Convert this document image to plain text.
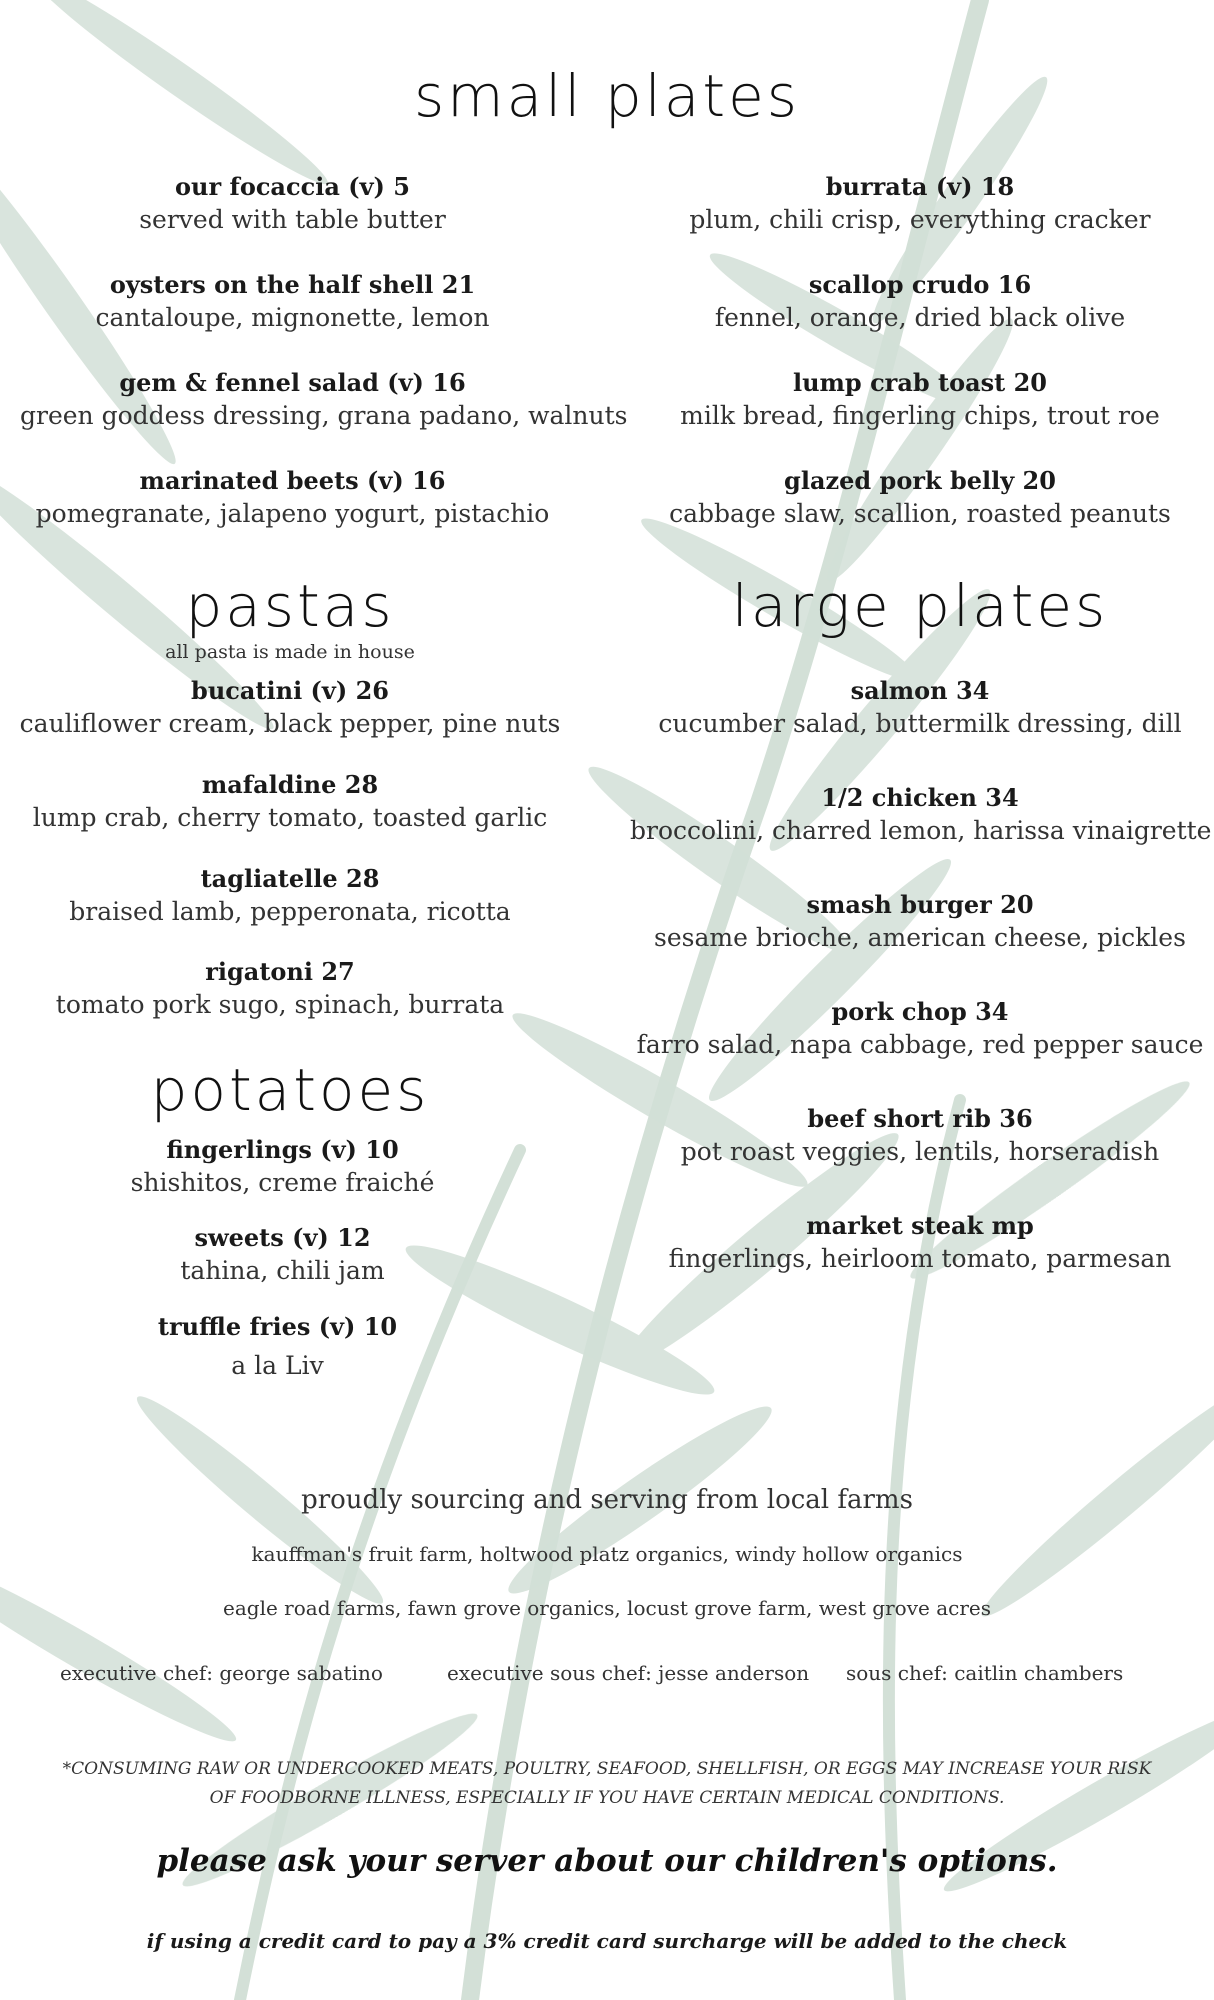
small plates
our focaccia (v) 5
served with table butter
oysters on the half shell 21
cantaloupe, mignonette, lemon
gem & fennel salad (v) 16
green goddess dressing, grana padano, walnuts
marinated beets (v) 16
pomegranate, jalapeno yogurt, pistachio
burrata (v) 18
plum, chili crisp, everything cracker
scallop crudo 16
fennel, orange, dried black olive
lump crab toast 20
milk bread, fingerling chips, trout roe
glazed pork belly 20
cabbage slaw, scallion, roasted peanuts
pastas
all pasta is made in house
bucatini (v) 26
cauliflower cream, black pepper, pine nuts
mafaldine 28
lump crab, cherry tomato, toasted garlic
tagliatelle 28
braised lamb, pepperonata, ricotta
rigatoni 27
tomato pork sugo, spinach, burrata
potatoes
fingerlings (v) 10
shishitos, creme fraiché
sweets (v) 12
tahina, chili jam
truffle fries (v) 10
a la Liv
large plates
salmon 34
cucumber salad, buttermilk dressing, dill
1/2 chicken 34
broccolini, charred lemon, harissa vinaigrette
smash burger 20
sesame brioche, american cheese, pickles
pork chop 34
farro salad, napa cabbage, red pepper sauce
beef short rib 36
pot roast veggies, lentils, horseradish
market steak mp
fingerlings, heirloom tomato, parmesan
proudly sourcing and serving from local farms
kauffman's fruit farm, holtwood platz organics, windy hollow organics
eagle road farms, fawn grove organics, locust grove farm, west grove acres
executive chef: george sabatino	executive sous chef: jesse anderson sous chef: caitlin chambers
*CONSUMING RAW OR UNDERCOOKED MEATS, POULTRY, SEAFOOD, SHELLFISH, OR EGGS MAY INCREASE YOUR RISK OF FOODBORNE ILLNESS, ESPECIALLY IF YOU HAVE CERTAIN MEDICAL CONDITIONS.
please ask your server about our children's options.
if using a credit card to pay a 3% credit card surcharge will be added to the check
